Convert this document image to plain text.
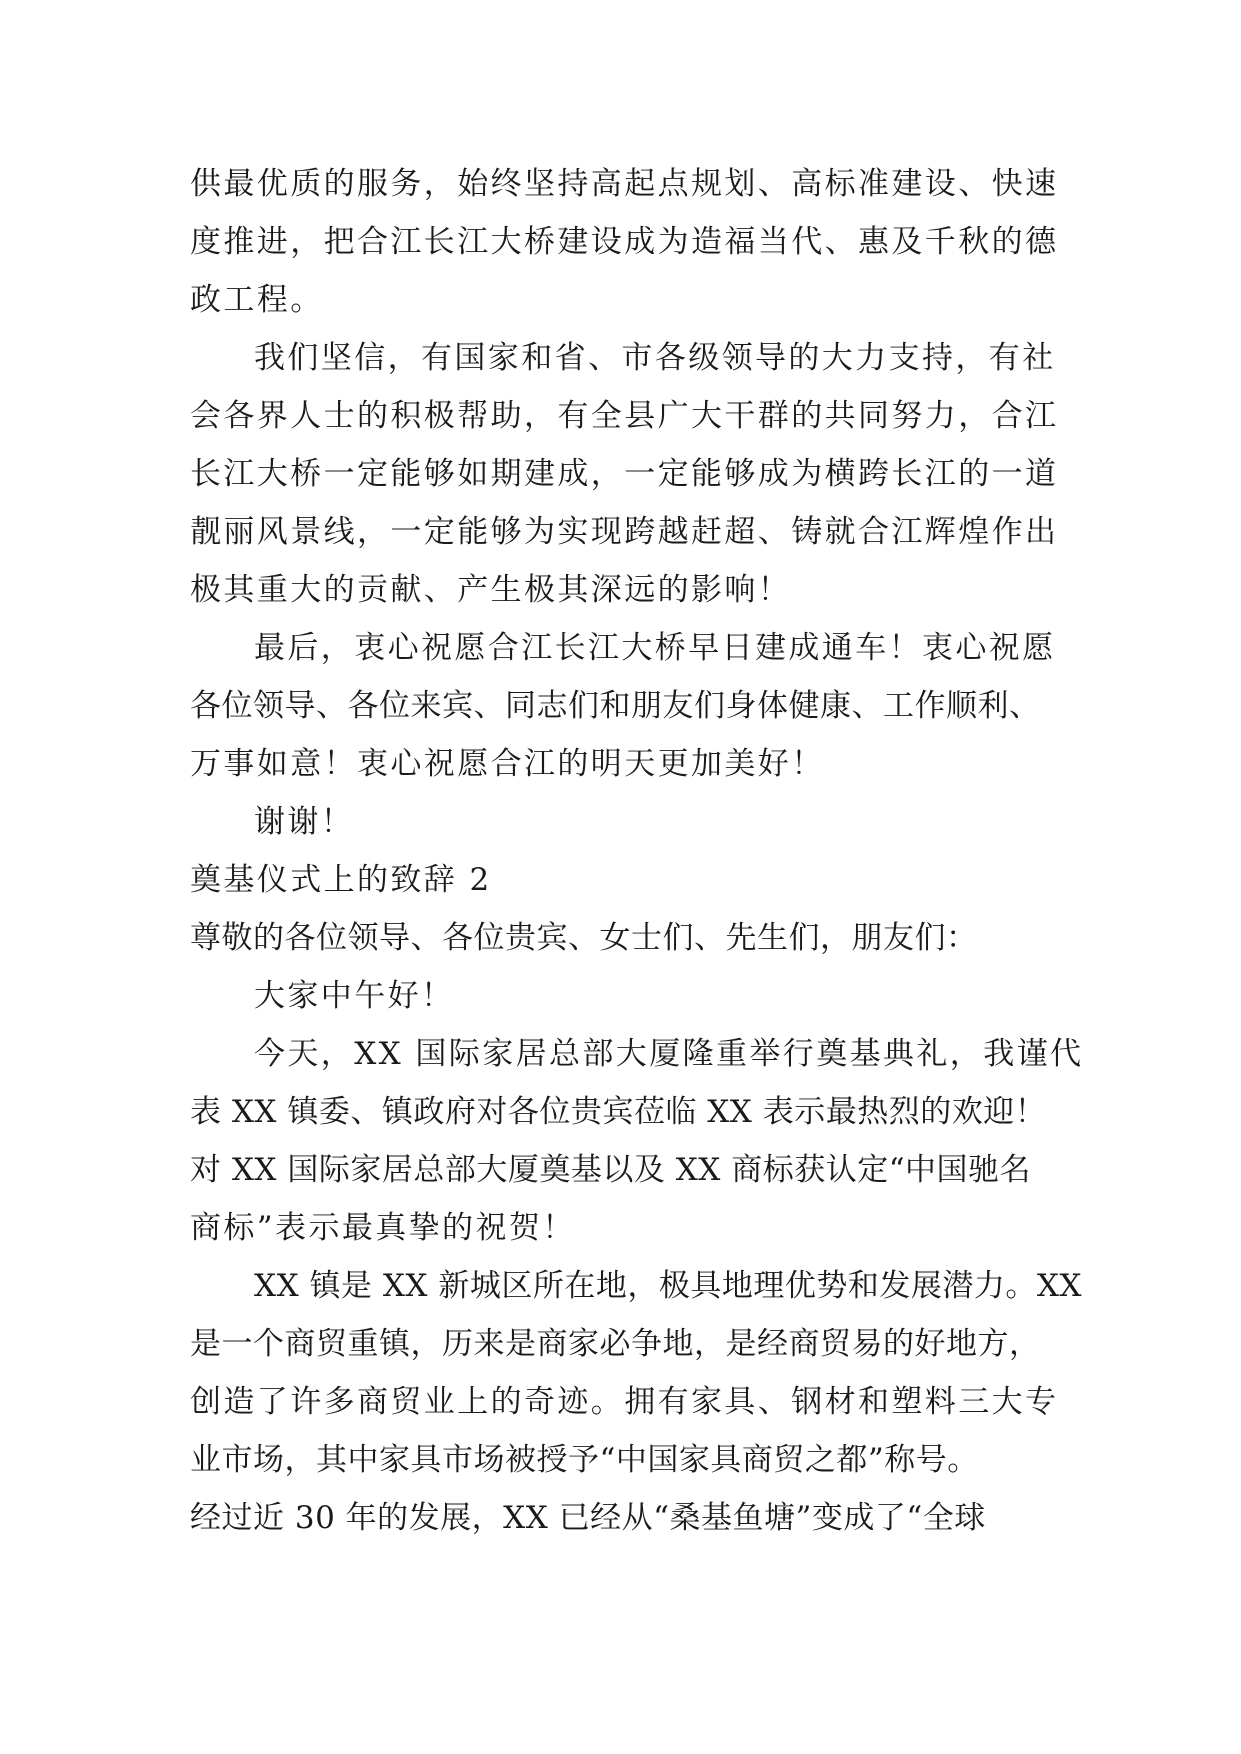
供最优质的服务，始终坚持高起点规划、高标准建设、快速
度推进，把合江长江大桥建设成为造福当代、惠及千秋的德
政工程。
我们坚信，有国家和省、市各级领导的大力支持，有社
会各界人士的积极帮助，有全县广大干群的共同努力，合江
长江大桥一定能够如期建成，一定能够成为横跨长江的一道
靓丽风景线，一定能够为实现跨越赶超、铸就合江辉煌作出
极其重大的贡献、产生极其深远的影响！
最后，衷心祝愿合江长江大桥早日建成通车！衷心祝愿
各位领导、各位来宾、同志们和朋友们身体健康、工作顺利、
万事如意！衷心祝愿合江的明天更加美好！
谢谢！
奠基仪式上的致辞 2
尊敬的各位领导、各位贵宾、女士们、先生们，朋友们：
大家中午好！
今天，XX 国际家居总部大厦隆重举行奠基典礼，我谨代
表 XX 镇委、镇政府对各位贵宾莅临 XX 表示最热烈的欢迎！
对 XX 国际家居总部大厦奠基以及 XX 商标获认定“中国驰名
商标”表示最真挚的祝贺！
XX 镇是 XX 新城区所在地，极具地理优势和发展潜力。XX
是一个商贸重镇，历来是商家必争地，是经商贸易的好地方，
创造了许多商贸业上的奇迹。拥有家具、钢材和塑料三大专
业市场，其中家具市场被授予“中国家具商贸之都”称号。
经过近 30 年的发展，XX 已经从“桑基鱼塘”变成了“全球
